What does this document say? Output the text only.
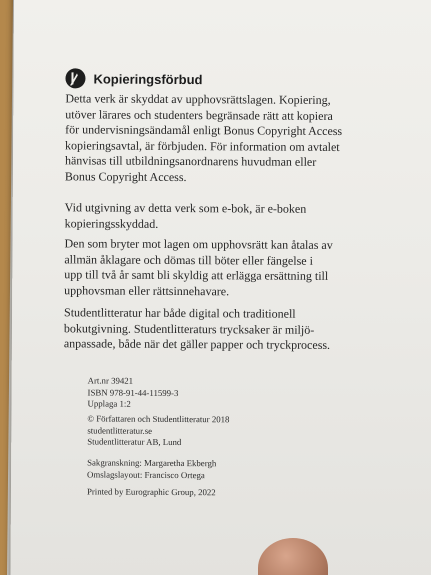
Kopieringsförbud

Detta verk är skyddat av upphovsrättslagen. Kopiering,
utöver lärares och studenters begränsade rätt att kopiera
för undervisningsändamål enligt Bonus Copyright Access
kopieringsavtal, är förbjuden. För information om avtalet
hänvisas till utbildningsanordnarens huvudman eller
Bonus Copyright Access.

Vid utgivning av detta verk som e-bok, är e-boken
kopieringsskyddad.

Den som bryter mot lagen om upphovsrätt kan åtalas av
allmän åklagare och dömas till böter eller fängelse i
upp till två år samt bli skyldig att erlägga ersättning till
upphovsman eller rättsinnehavare.

Studentlitteratur har både digital och traditionell
bokutgivning. Studentlitteraturs trycksaker är miljö-
anpassade, både när det gäller papper och tryckprocess.

Art.nr 39421
ISBN 978-91-44-11599-3
Upplaga 1:2

© Författaren och Studentlitteratur 2018
studentlitteratur.se
Studentlitteratur AB, Lund

Sakgranskning: Margaretha Ekbergh
Omslagslayout: Francisco Ortega

Printed by Eurographic Group, 2022
